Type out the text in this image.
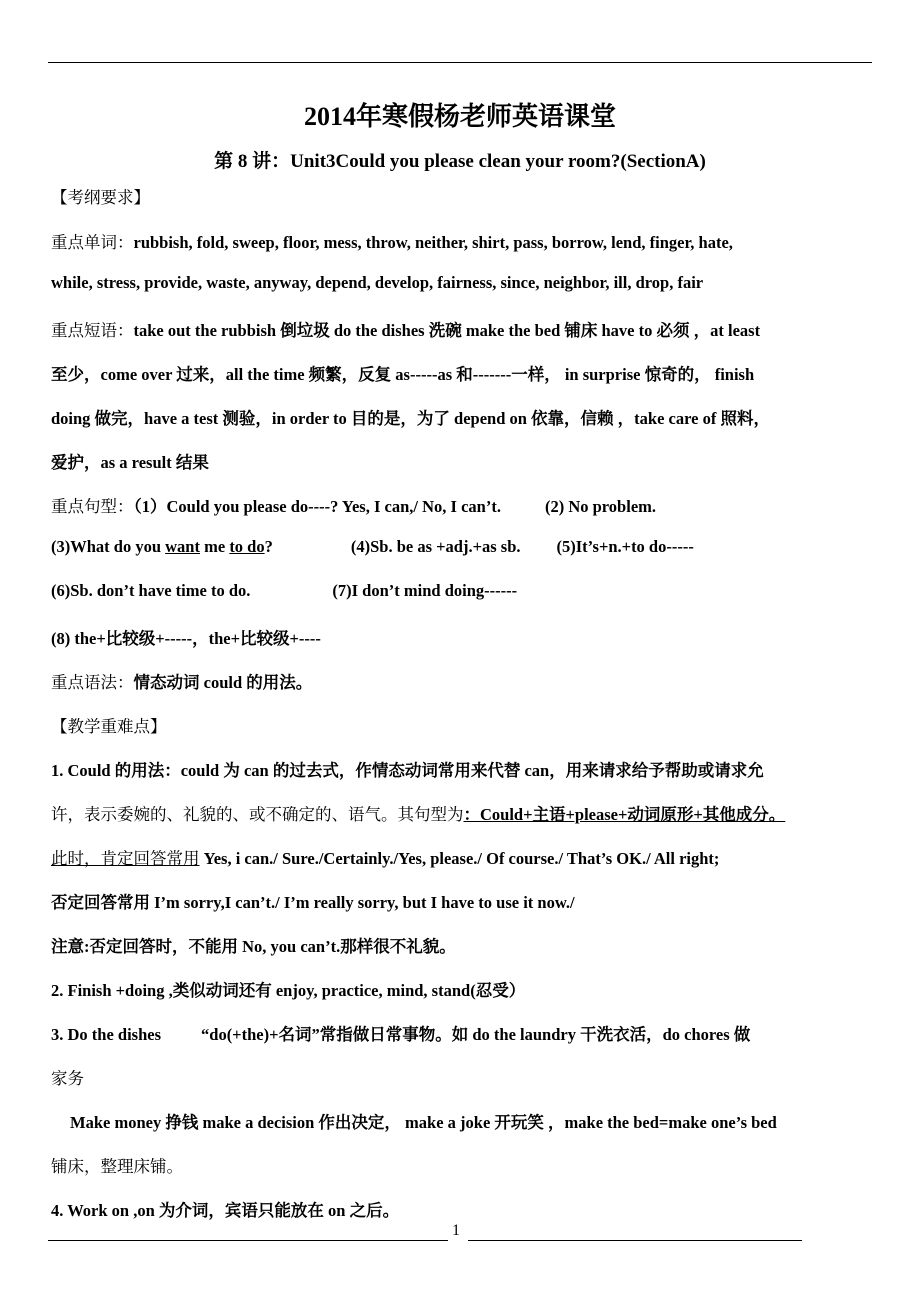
2014年寒假杨老师英语课堂
第 8 讲：Unit3Could you please clean your room?(SectionA)
【考纲要求】
重点单词：rubbish, fold, sweep, floor, mess, throw, neither, shirt, pass, borrow, lend, finger, hate,
while, stress, provide, waste, anyway, depend, develop, fairness, since, neighbor, ill, drop, fair
重点短语：take out the rubbish 倒垃圾 do the dishes 洗碗 make the bed 铺床 have to 必须 ，at least
至少，come over 过来，all the time 频繁，反复 as-----as 和-------一样， in surprise 惊奇的， finish
doing 做完，have a test 测验，in order to 目的是，为了 depend on 依靠，信赖 ，take care of 照料，
爱护，as a result 结果
重点句型：（1）Could you please do----? Yes, I can,/ No, I can’t.	(2) No problem.
(3)What do you want me to do?	(4)Sb. be as +adj.+as sb. (5)It’s+n.+to do-----
(6)Sb. don’t have time to do.	(7)I don’t mind doing------
(8) the+比较级+-----，the+比较级+----
重点语法：情态动词 could 的用法。
【教学重难点】
1. Could 的用法：could 为 can 的过去式，作情态动词常用来代替 can，用来请求给予帮助或请求允
许，表示委婉的、礼貌的、或不确定的、语气。其句型为：Could+主语+please+动词原形+其他成分。
此时，肯定回答常用 Yes, i can./ Sure./Certainly./Yes, please./ Of course./ That’s OK./ All right;
否定回答常用 I’m sorry,I can’t./ I’m really sorry, but I have to use it now./
注意:否定回答时，不能用 No, you can’t.那样很不礼貌。
2. Finish +doing ,类似动词还有 enjoy, practice, mind, stand(忍受）
3. Do the dishes “do(+the)+名词”常指做日常事物。如 do the laundry 干洗衣活，do chores 做
家务
Make money 挣钱 make a decision 作出决定， make a joke 开玩笑 ，make the bed=make one’s bed
铺床，整理床铺。
4. Work on ,on 为介词，宾语只能放在 on 之后。
1
